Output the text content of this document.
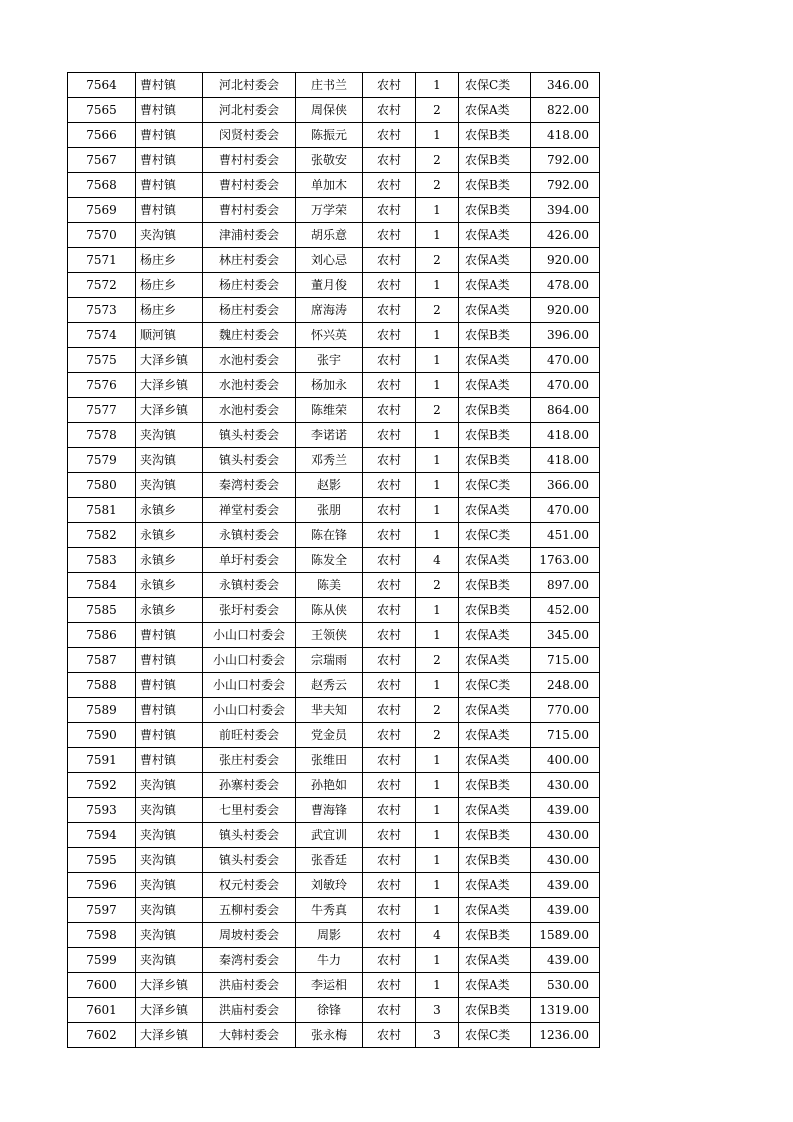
7564	曹村镇	河北村委会	庄书兰	农村	1	农保C类	346.00
7565	曹村镇	河北村委会	周保侠	农村	2	农保A类	822.00
7566	曹村镇	闵贤村委会	陈振元	农村	1	农保B类	418.00
7567	曹村镇	曹村村委会	张敬安	农村	2	农保B类	792.00
7568	曹村镇	曹村村委会	单加木	农村	2	农保B类	792.00
7569	曹村镇	曹村村委会	万学荣	农村	1	农保B类	394.00
7570	夹沟镇	津浦村委会	胡乐意	农村	1	农保A类	426.00
7571	杨庄乡	林庄村委会	刘心忌	农村	2	农保A类	920.00
7572	杨庄乡	杨庄村委会	董月俊	农村	1	农保A类	478.00
7573	杨庄乡	杨庄村委会	席海涛	农村	2	农保A类	920.00
7574	顺河镇	魏庄村委会	怀兴英	农村	1	农保B类	396.00
7575	大泽乡镇	水池村委会	张宇	农村	1	农保A类	470.00
7576	大泽乡镇	水池村委会	杨加永	农村	1	农保A类	470.00
7577	大泽乡镇	水池村委会	陈维荣	农村	2	农保B类	864.00
7578	夹沟镇	镇头村委会	李诺诺	农村	1	农保B类	418.00
7579	夹沟镇	镇头村委会	邓秀兰	农村	1	农保B类	418.00
7580	夹沟镇	秦湾村委会	赵影	农村	1	农保C类	366.00
7581	永镇乡	禅堂村委会	张朋	农村	1	农保A类	470.00
7582	永镇乡	永镇村委会	陈在锋	农村	1	农保C类	451.00
7583	永镇乡	单圩村委会	陈发全	农村	4	农保A类	1763.00
7584	永镇乡	永镇村委会	陈美	农村	2	农保B类	897.00
7585	永镇乡	张圩村委会	陈从侠	农村	1	农保B类	452.00
7586	曹村镇	小山口村委会	王领侠	农村	1	农保A类	345.00
7587	曹村镇	小山口村委会	宗瑞雨	农村	2	农保A类	715.00
7588	曹村镇	小山口村委会	赵秀云	农村	1	农保C类	248.00
7589	曹村镇	小山口村委会	芈夫知	农村	2	农保A类	770.00
7590	曹村镇	前旺村委会	党金员	农村	2	农保A类	715.00
7591	曹村镇	张庄村委会	张维田	农村	1	农保A类	400.00
7592	夹沟镇	孙寨村委会	孙艳如	农村	1	农保B类	430.00
7593	夹沟镇	七里村委会	曹海锋	农村	1	农保A类	439.00
7594	夹沟镇	镇头村委会	武宜训	农村	1	农保B类	430.00
7595	夹沟镇	镇头村委会	张香廷	农村	1	农保B类	430.00
7596	夹沟镇	权元村委会	刘敏玲	农村	1	农保A类	439.00
7597	夹沟镇	五柳村委会	牛秀真	农村	1	农保A类	439.00
7598	夹沟镇	周坡村委会	周影	农村	4	农保B类	1589.00
7599	夹沟镇	秦湾村委会	牛力	农村	1	农保A类	439.00
7600	大泽乡镇	洪庙村委会	李运相	农村	1	农保A类	530.00
7601	大泽乡镇	洪庙村委会	徐锋	农村	3	农保B类	1319.00
7602	大泽乡镇	大韩村委会	张永梅	农村	3	农保C类	1236.00
